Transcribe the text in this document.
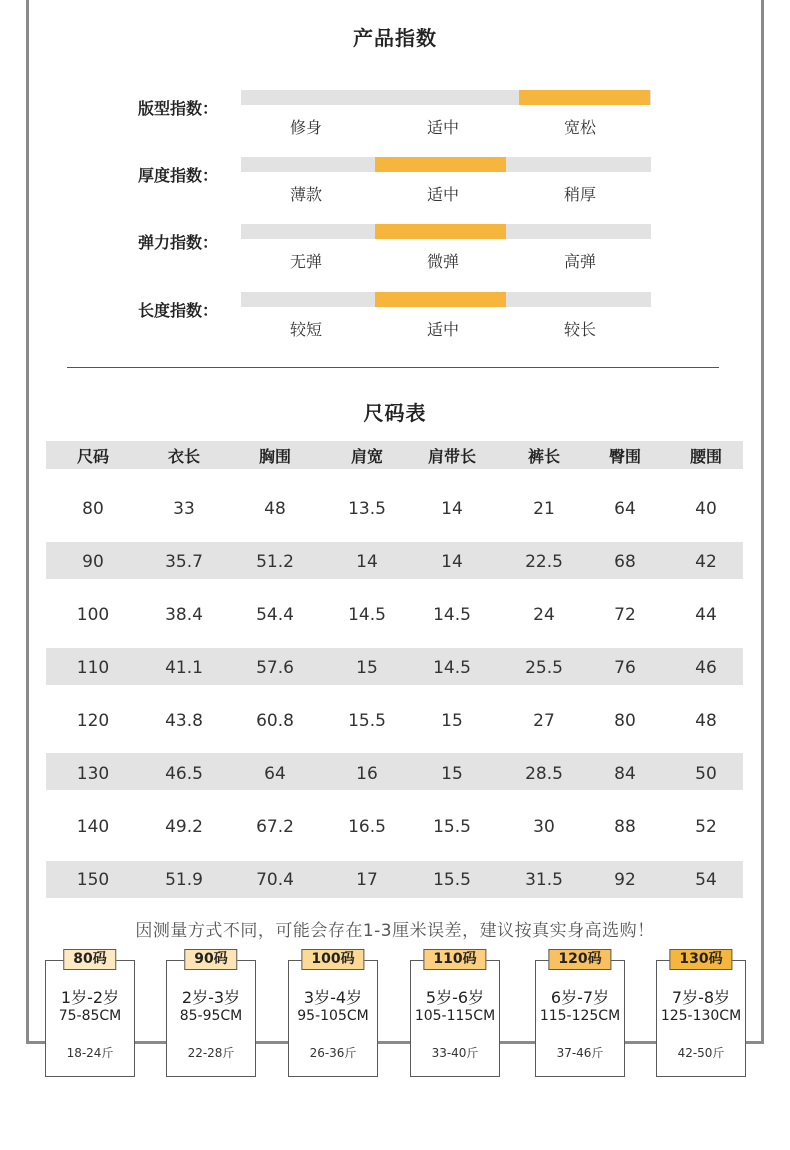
产品指数
版型指数：
修身	适中	宽松
厚度指数：
薄款	适中	稍厚
弹力指数：
无弹	微弹	高弹
长度指数：
较短	适中	较长
尺码表
尺码	衣长	胸围	肩宽	肩带长	裤长	臀围	腰围
80	33	48	13.5	14	21	64	40
90	35.7	51.2	14	14	22.5	68	42
100	38.4	54.4	14.5	14.5	24	72	44
110	41.1	57.6	15	14.5	25.5	76	46
120	43.8	60.8	15.5	15	27	80	48
130	46.5	64	16	15	28.5	84	50
140	49.2	67.2	16.5	15.5	30	88	52
150	51.9	70.4	17	15.5	31.5	92	54
因测量方式不同，可能会存在1-3厘米误差，建议按真实身高选购！
80码
1岁-2岁
75-85CM
18-24斤
90码
2岁-3岁
85-95CM
22-28斤
100码
3岁-4岁
95-105CM
26-36斤
110码
5岁-6岁
105-115CM
33-40斤
120码
6岁-7岁
115-125CM
37-46斤
130码
7岁-8岁
125-130CM
42-50斤
